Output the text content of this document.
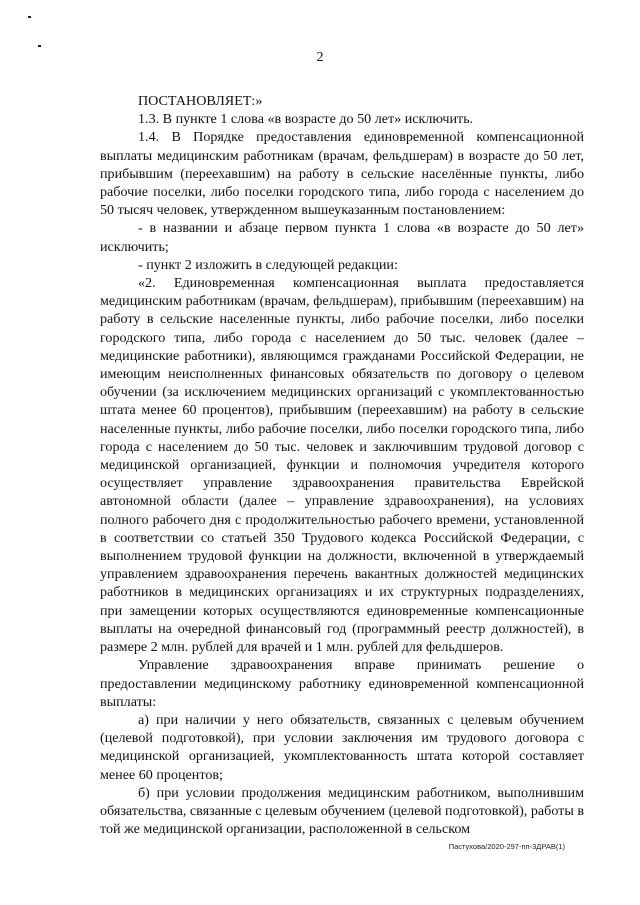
2

ПОСТАНОВЛЯЕТ:»

1.3. В пункте 1 слова «в возрасте до 50 лет» исключить.

1.4. В Порядке предоставления единовременной компенсационной выплаты медицинским работникам (врачам, фельдшерам) в возрасте до 50 лет, прибывшим (переехавшим) на работу в сельские населённые пункты, либо рабочие поселки, либо поселки городского типа, либо города с населением до 50 тысяч человек, утвержденном вышеуказанным постановлением:

- в названии и абзаце первом пункта 1 слова «в возрасте до 50 лет» исключить;

- пункт 2 изложить в следующей редакции:

«2. Единовременная компенсационная выплата предоставляется медицинским работникам (врачам, фельдшерам), прибывшим (переехавшим) на работу в сельские населенные пункты, либо рабочие поселки, либо поселки городского типа, либо города с населением до 50 тыс. человек (далее – медицинские работники), являющимся гражданами Российской Федерации, не имеющим неисполненных финансовых обязательств по договору о целевом обучении (за исключением медицинских организаций с укомплектованностью штата менее 60 процентов), прибывшим (переехавшим) на работу в сельские населенные пункты, либо рабочие поселки, либо поселки городского типа, либо города с населением до 50 тыс. человек и заключившим трудовой договор с медицинской организацией, функции и полномочия учредителя которого осуществляет управление здравоохранения правительства Еврейской автономной области (далее – управление здравоохранения), на условиях полного рабочего дня с продолжительностью рабочего времени, установленной в соответствии со статьей 350 Трудового кодекса Российской Федерации, с выполнением трудовой функции на должности, включенной в утверждаемый управлением здравоохранения перечень вакантных должностей медицинских работников в медицинских организациях и их структурных подразделениях, при замещении которых осуществляются единовременные компенсационные выплаты на очередной финансовый год (программный реестр должностей), в размере 2 млн. рублей для врачей и 1 млн. рублей для фельдшеров.

Управление здравоохранения вправе принимать решение о предоставлении медицинскому работнику единовременной компенсационной выплаты:

а) при наличии у него обязательств, связанных с целевым обучением (целевой подготовкой), при условии заключения им трудового договора с медицинской организацией, укомплектованность штата которой составляет менее 60 процентов;

б) при условии продолжения медицинским работником, выполнившим обязательства, связанные с целевым обучением (целевой подготовкой), работы в той же медицинской организации, расположенной в сельском

Пастухова/2020-297-пп-3ДРАВ(1)
